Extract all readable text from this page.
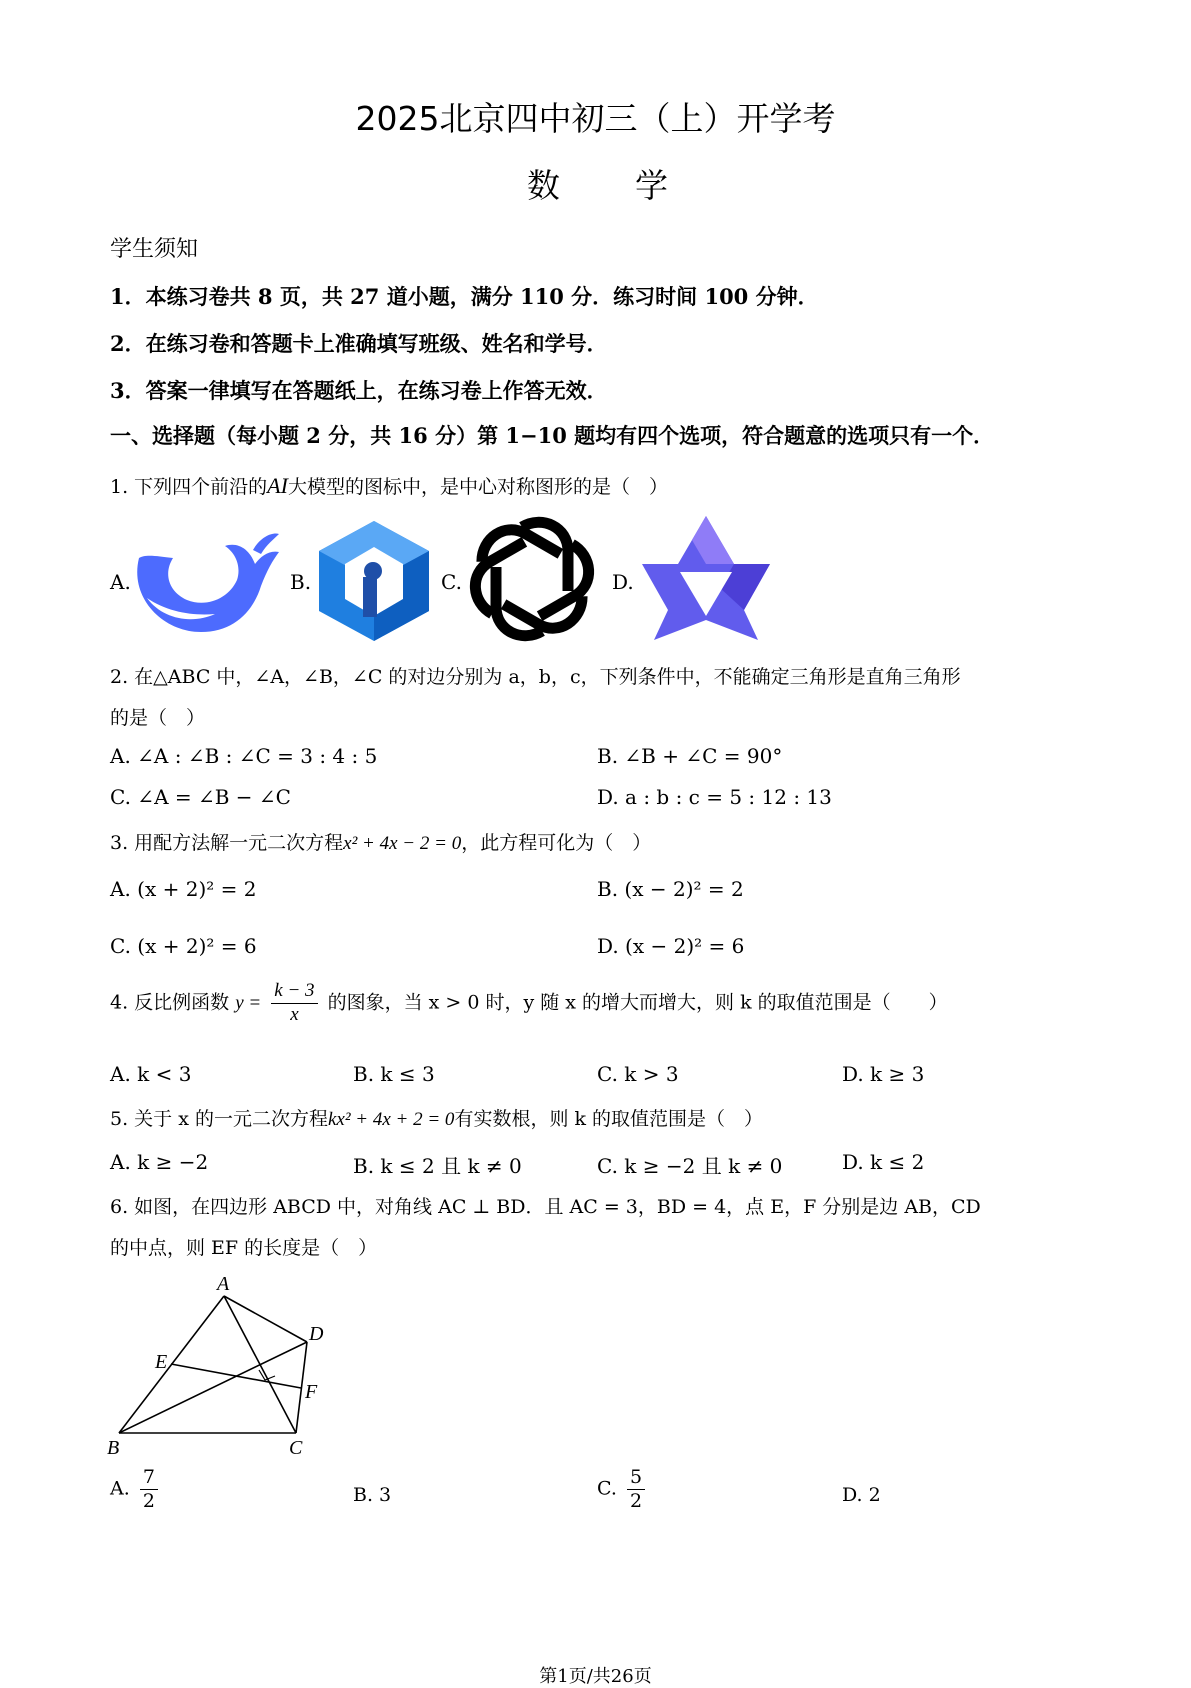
2025北京四中初三（上）开学考
数 学
学生须知
1．本练习卷共 8 页，共 27 道小题，满分 110 分．练习时间 100 分钟．
2．在练习卷和答题卡上准确填写班级、姓名和学号．
3．答案一律填写在答题纸上，在练习卷上作答无效．
一、选择题（每小题 2 分，共 16 分）第 1−10 题均有四个选项，符合题意的选项只有一个．
1. 下列四个前沿的AI大模型的图标中，是中心对称图形的是（　）
A.	B.	C.	D.
2. 在△ABC 中，∠A，∠B，∠C 的对边分别为 a，b，c，下列条件中，不能确定三角形是直角三角形
的是（　）
A. ∠A : ∠B : ∠C = 3 : 4 : 5	B. ∠B + ∠C = 90°
C. ∠A = ∠B − ∠C	D. a : b : c = 5 : 12 : 13
3. 用配方法解一元二次方程x² + 4x − 2 = 0，此方程可化为（　）
A. (x + 2)² = 2	B. (x − 2)² = 2
C. (x + 2)² = 6	D. (x − 2)² = 6
4. 反比例函数 $y = \frac{k - 3}{x}$ 的图象，当 x > 0 时，y 随 x 的增大而增大，则 k 的取值范围是（　　）
A. k < 3	B. k ≤ 3	C. k > 3	D. k ≥ 3
5. 关于 x 的一元二次方程kx² + 4x + 2 = 0有实数根，则 k 的取值范围是（　）
A. k ≥ −2	B. k ≤ 2 且 k ≠ 0	C. k ≥ −2 且 k ≠ 0	D. k ≤ 2
6. 如图，在四边形 ABCD 中，对角线 AC ⊥ BD．且 AC = 3，BD = 4，点 E，F 分别是边 AB，CD
的中点，则 EF 的长度是（　）
A
B	C
D
E
F
A. $\frac{7}{2}$	B. 3	C. $\frac{5}{2}$	D. 2
第1页/共26页
